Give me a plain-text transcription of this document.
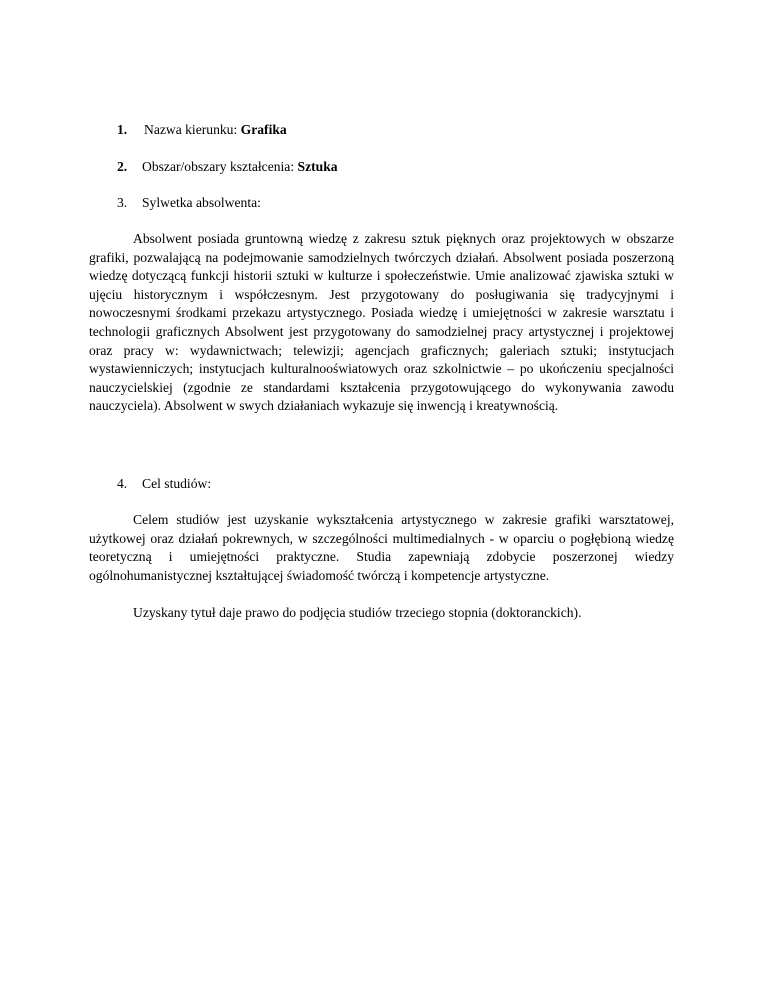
1. Nazwa kierunku: Grafika
2. Obszar/obszary kształcenia: Sztuka
3. Sylwetka absolwenta:

Absolwent posiada gruntowną wiedzę z zakresu sztuk pięknych oraz projektowych w obszarze grafiki, pozwalającą na podejmowanie samodzielnych twórczych działań. Absolwent posiada poszerzoną wiedzę dotyczącą funkcji historii sztuki w kulturze i społeczeństwie. Umie analizować zjawiska sztuki w ujęciu historycznym i współczesnym. Jest przygotowany do posługiwania się tradycyjnymi i nowoczesnymi środkami przekazu artystycznego. Posiada wiedzę i umiejętności w zakresie warsztatu i technologii graficznych Absolwent jest przygotowany do samodzielnej pracy artystycznej i projektowej oraz pracy w: wydawnictwach; telewizji; agencjach graficznych; galeriach sztuki; instytucjach wystawienniczych; instytucjach kulturalnooświatowych oraz szkolnictwie – po ukończeniu specjalności nauczycielskiej (zgodnie ze standardami kształcenia przygotowującego do wykonywania zawodu nauczyciela). Absolwent w swych działaniach wykazuje się inwencją i kreatywnością.

4. Cel studiów:

Celem studiów jest uzyskanie wykształcenia artystycznego w zakresie grafiki warsztatowej, użytkowej oraz działań pokrewnych, w szczególności multimedialnych - w oparciu o pogłębioną wiedzę teoretyczną i umiejętności praktyczne. Studia zapewniają zdobycie poszerzonej wiedzy ogólnohumanistycznej kształtującej świadomość twórczą i kompetencje artystyczne.

Uzyskany tytuł daje prawo do podjęcia studiów trzeciego stopnia (doktoranckich).
